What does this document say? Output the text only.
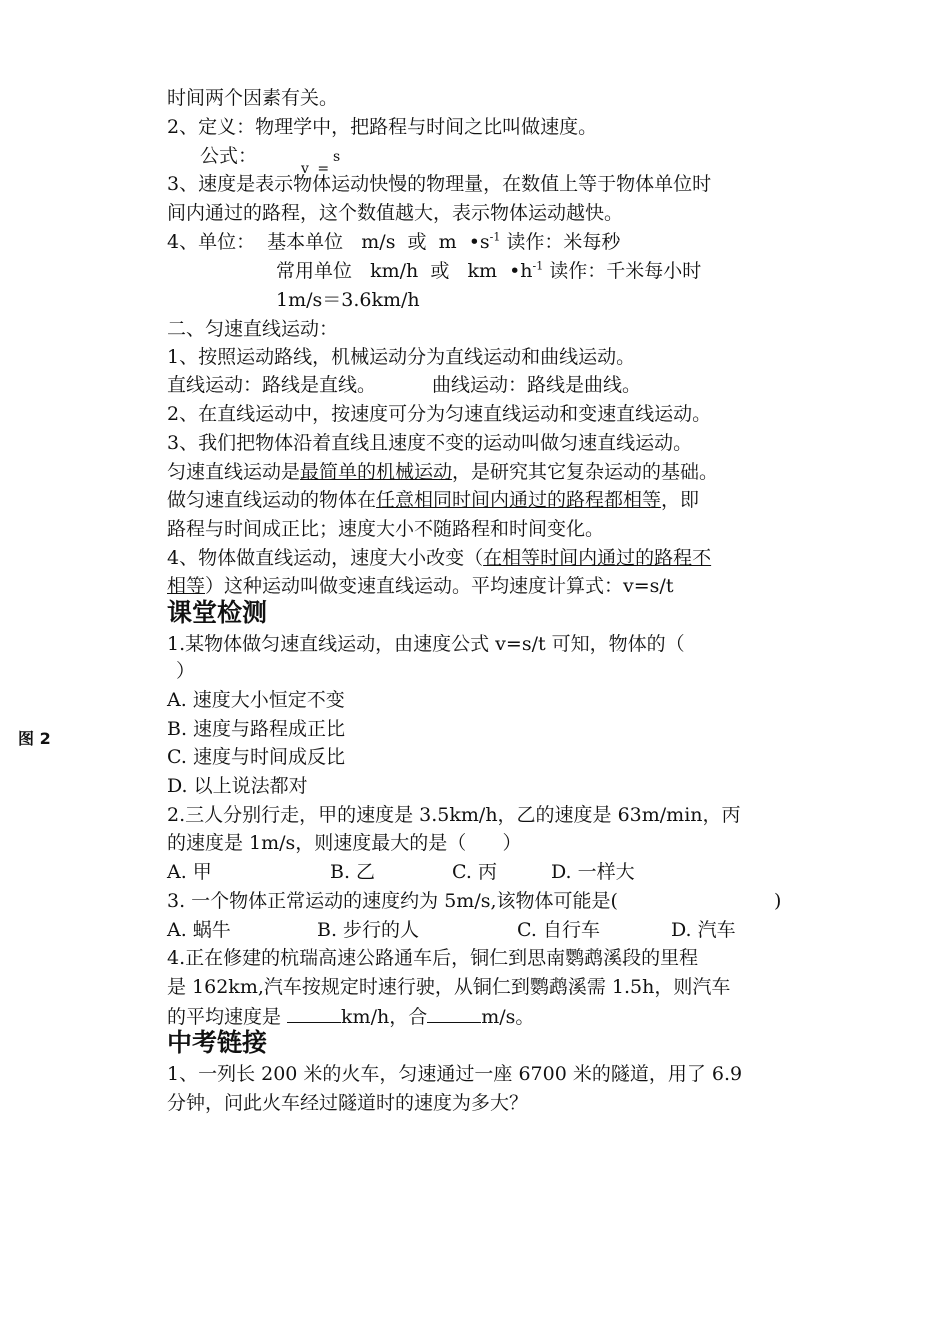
图 2
时间两个因素有关。
2、定义：物理学中，把路程与时间之比叫做速度。
公式：	s
v =
3、速度是表示物体运动快慢的物理量，在数值上等于物体单位时
间内通过的路程，这个数值越大，表示物体运动越快。
4、单位：  基本单位   m/s  或  m  $•s^{-1}$ 读作：米每秒
常用单位   km/h  或   km  $•h^{-1}$ 读作：千米每小时
1m/s＝3.6km/h
二、匀速直线运动：
1、按照运动路线，机械运动分为直线运动和曲线运动。
直线运动：路线是直线。	曲线运动：路线是曲线。
2、在直线运动中，按速度可分为匀速直线运动和变速直线运动。
3、我们把物体沿着直线且速度不变的运动叫做匀速直线运动。
匀速直线运动是最简单的机械运动，是研究其它复杂运动的基础。
做匀速直线运动的物体在任意相同时间内通过的路程都相等，即
路程与时间成正比；速度大小不随路程和时间变化。
4、物体做直线运动，速度大小改变（在相等时间内通过的路程不
相等）这种运动叫做变速直线运动。平均速度计算式：v=s/t
课堂检测
1.某物体做匀速直线运动，由速度公式 v=s/t 可知，物体的（
）
A. 速度大小恒定不变
B. 速度与路程成正比
C. 速度与时间成反比
D. 以上说法都对
2.三人分别行走，甲的速度是 3.5km/h，乙的速度是 63m/min，丙
的速度是 1m/s，则速度最大的是（      ）
A. 甲	B. 乙	C. 丙	D. 一样大
3. 一个物体正常运动的速度约为 5m/s,该物体可能是(	)
A. 蜗牛	B. 步行的人	C. 自行车	D. 汽车
4.正在修建的杭瑞高速公路通车后，铜仁到思南鹦鹉溪段的里程
是 162km,汽车按规定时速行驶，从铜仁到鹦鹉溪需 1.5h，则汽车
的平均速度是	km/h，合	m/s。
中考链接
1、一列长 200 米的火车，匀速通过一座 6700 米的隧道，用了 6.9
分钟，问此火车经过隧道时的速度为多大？
